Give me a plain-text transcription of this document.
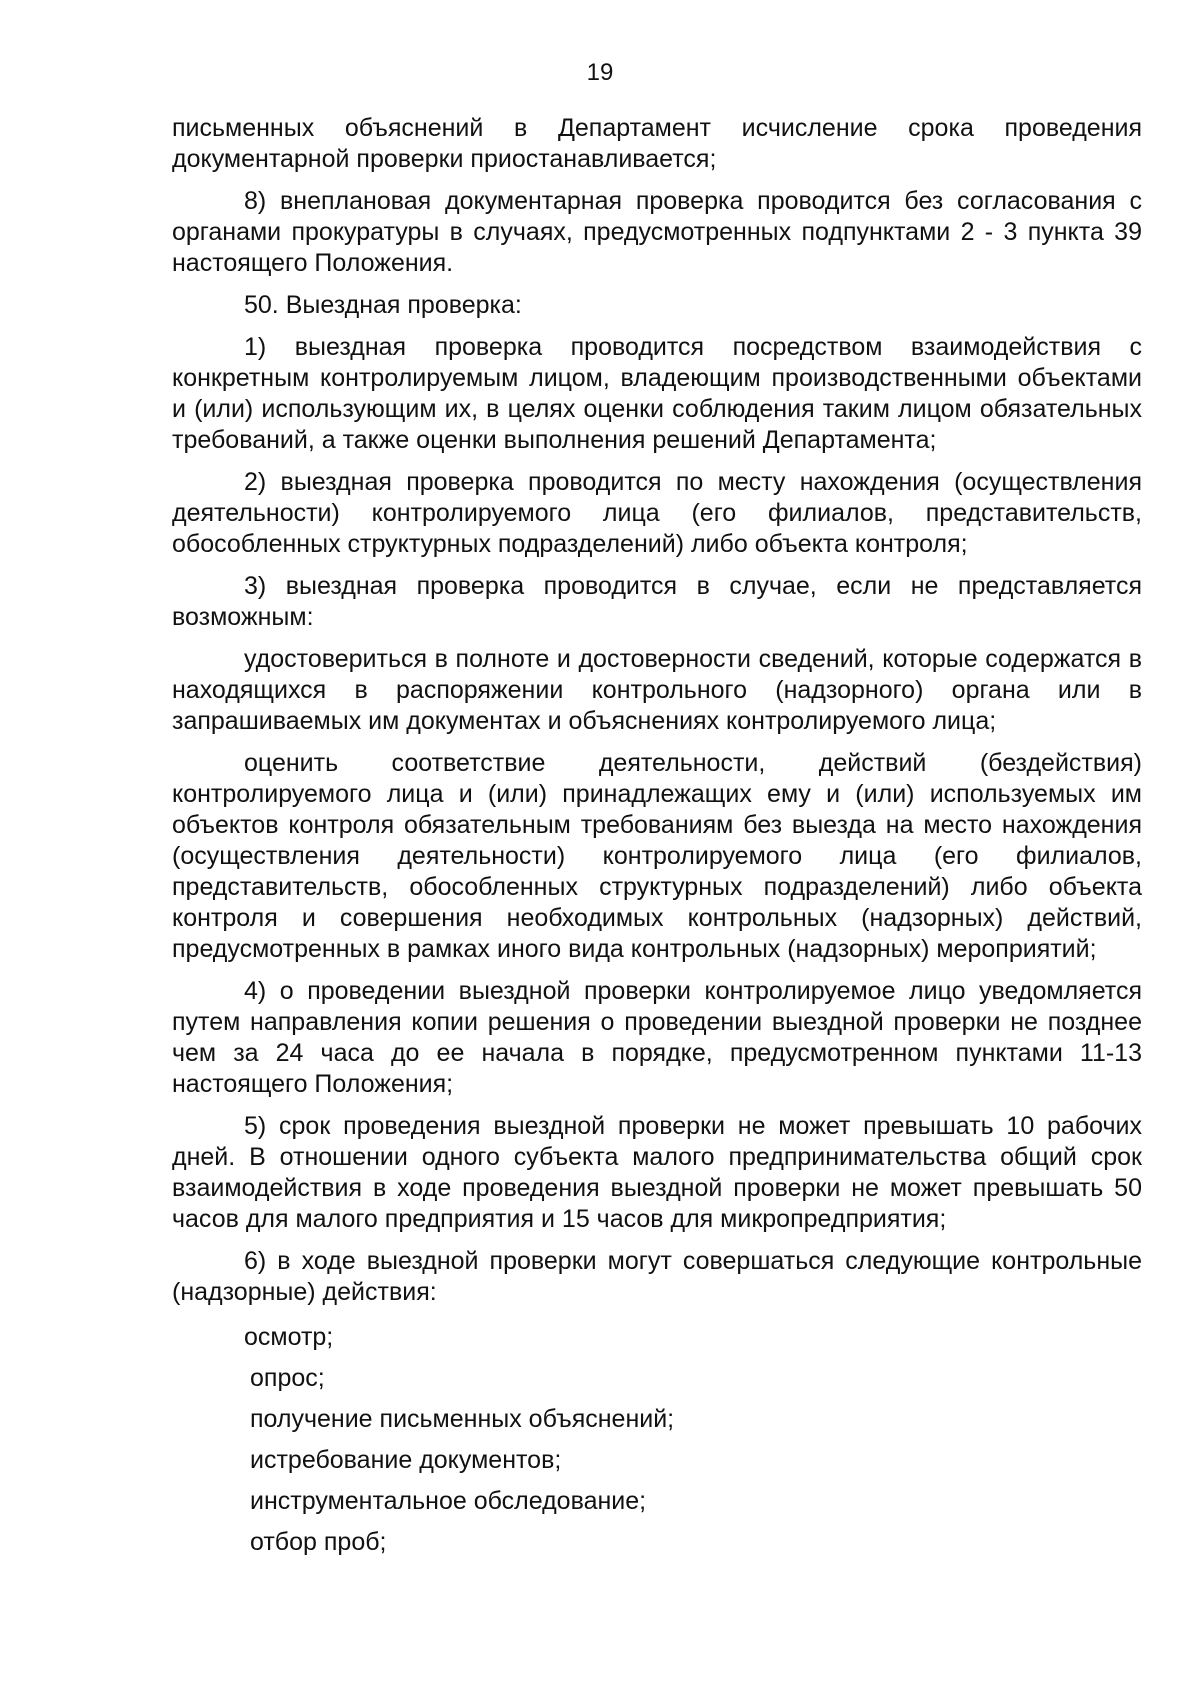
19

письменных объяснений в Департамент исчисление срока проведения документарной проверки приостанавливается;

8) внеплановая документарная проверка проводится без согласования с органами прокуратуры в случаях, предусмотренных подпунктами 2 - 3 пункта 39 настоящего Положения.

50. Выездная проверка:

1) выездная проверка проводится посредством взаимодействия с конкретным контролируемым лицом, владеющим производственными объектами и (или) использующим их, в целях оценки соблюдения таким лицом обязательных требований, а также оценки выполнения решений Департамента;

2) выездная проверка проводится по месту нахождения (осуществления деятельности) контролируемого лица (его филиалов, представительств, обособленных структурных подразделений) либо объекта контроля;

3) выездная проверка проводится в случае, если не представляется возможным:

удостовериться в полноте и достоверности сведений, которые содержатся в находящихся в распоряжении контрольного (надзорного) органа или в запрашиваемых им документах и объяснениях контролируемого лица;

оценить соответствие деятельности, действий (бездействия) контролируемого лица и (или) принадлежащих ему и (или) используемых им объектов контроля обязательным требованиям без выезда на место нахождения (осуществления деятельности) контролируемого лица (его филиалов, представительств, обособленных структурных подразделений) либо объекта контроля и совершения необходимых контрольных (надзорных) действий, предусмотренных в рамках иного вида контрольных (надзорных) мероприятий;

4) о проведении выездной проверки контролируемое лицо уведомляется путем направления копии решения о проведении выездной проверки не позднее чем за 24 часа до ее начала в порядке, предусмотренном пунктами 11-13 настоящего Положения;

5) срок проведения выездной проверки не может превышать 10 рабочих дней. В отношении одного субъекта малого предпринимательства общий срок взаимодействия в ходе проведения выездной проверки не может превышать 50 часов для малого предприятия и 15 часов для микропредприятия;

6) в ходе выездной проверки могут совершаться следующие контрольные (надзорные) действия:

осмотр;
опрос;
получение письменных объяснений;
истребование документов;
инструментальное обследование;
отбор проб;
